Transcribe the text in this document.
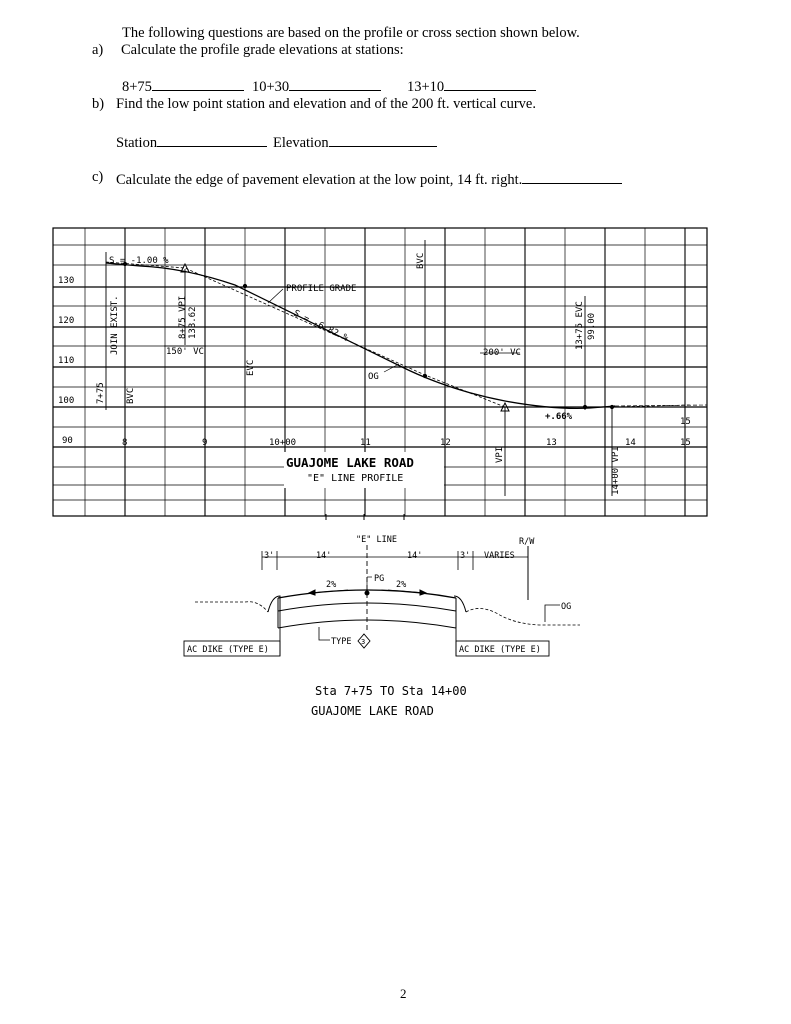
The following questions are based on the profile or cross section shown below.
a) Calculate the profile grade elevations at stations:
8+75	10+30	13+10
b) Find the low point station and elevation and of the 200 ft. vertical curve.
Station	Elevation
c) Calculate the edge of pavement elevation at the low point, 14 ft. right.
130
120
110
100
90	8	9	10+00	11	12	13	14	15
15
S = -1.00 %
PROFILE GRADE
S = -6.82 %
OG
150' VC	200' VC
+.66%
JOIN EXIST.
7+75 BVC
8+75 VPI 133.62
EVC
BVC
VPI
13+75 EVC 99.00
14+00 VPI
GUAJOME LAKE ROAD
"E" LINE PROFILE
"E" LINE	R/W
3'	14'	14'	3' VARIES
PG
2%	2%
OG
AC DIKE (TYPE E)	AC DIKE (TYPE E)
TYPE 3
Sta 7+75 TO Sta 14+00
GUAJOME LAKE ROAD
2
